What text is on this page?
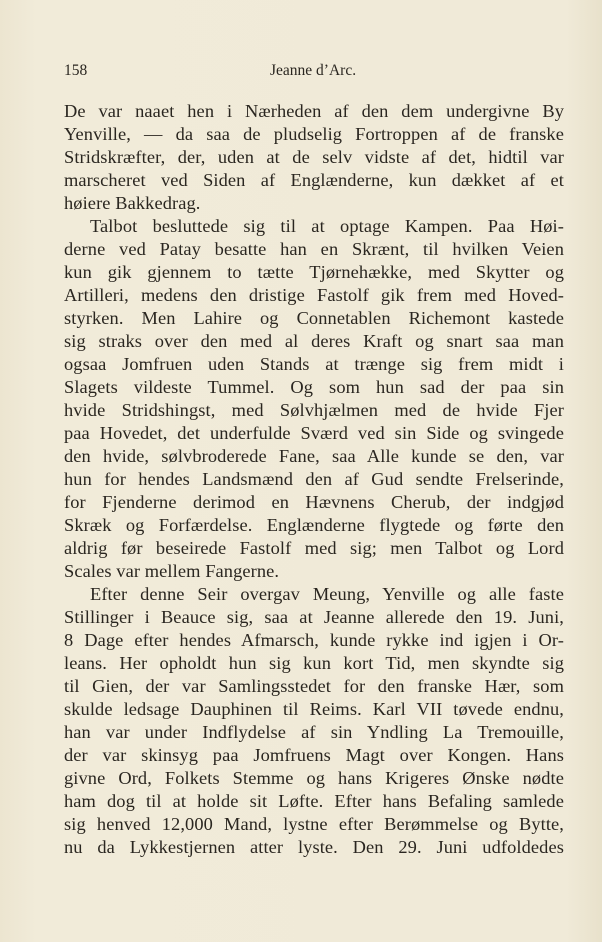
158	Jeanne d’Arc.
De var naaet hen i Nærheden af den dem undergivne By
Yenville, — da saa de pludselig Fortroppen af de franske
Stridskræfter, der, uden at de selv vidste af det, hidtil var
marscheret ved Siden af Englænderne, kun dækket af et
høiere Bakkedrag.
Talbot besluttede sig til at optage Kampen. Paa Høi-
derne ved Patay besatte han en Skrænt, til hvilken Veien
kun gik gjennem to tætte Tjørnehække, med Skytter og
Artilleri, medens den dristige Fastolf gik frem med Hoved-
styrken. Men Lahire og Connetablen Richemont kastede
sig straks over den med al deres Kraft og snart saa man
ogsaa Jomfruen uden Stands at trænge sig frem midt i
Slagets vildeste Tummel. Og som hun sad der paa sin
hvide Stridshingst, med Sølvhjælmen med de hvide Fjer
paa Hovedet, det underfulde Sværd ved sin Side og svingede
den hvide, sølvbroderede Fane, saa Alle kunde se den, var
hun for hendes Landsmænd den af Gud sendte Frelserinde,
for Fjenderne derimod en Hævnens Cherub, der indgjød
Skræk og Forfærdelse. Englænderne flygtede og førte den
aldrig før beseirede Fastolf med sig; men Talbot og Lord
Scales var mellem Fangerne.
Efter denne Seir overgav Meung, Yenville og alle faste
Stillinger i Beauce sig, saa at Jeanne allerede den 19. Juni,
8 Dage efter hendes Afmarsch, kunde rykke ind igjen i Or-
leans. Her opholdt hun sig kun kort Tid, men skyndte sig
til Gien, der var Samlingsstedet for den franske Hær, som
skulde ledsage Dauphinen til Reims. Karl VII tøvede endnu,
han var under Indflydelse af sin Yndling La Tremouille,
der var skinsyg paa Jomfruens Magt over Kongen. Hans
givne Ord, Folkets Stemme og hans Krigeres Ønske nødte
ham dog til at holde sit Løfte. Efter hans Befaling samlede
sig henved 12,000 Mand, lystne efter Berømmelse og Bytte,
nu da Lykkestjernen atter lyste. Den 29. Juni udfoldedes
